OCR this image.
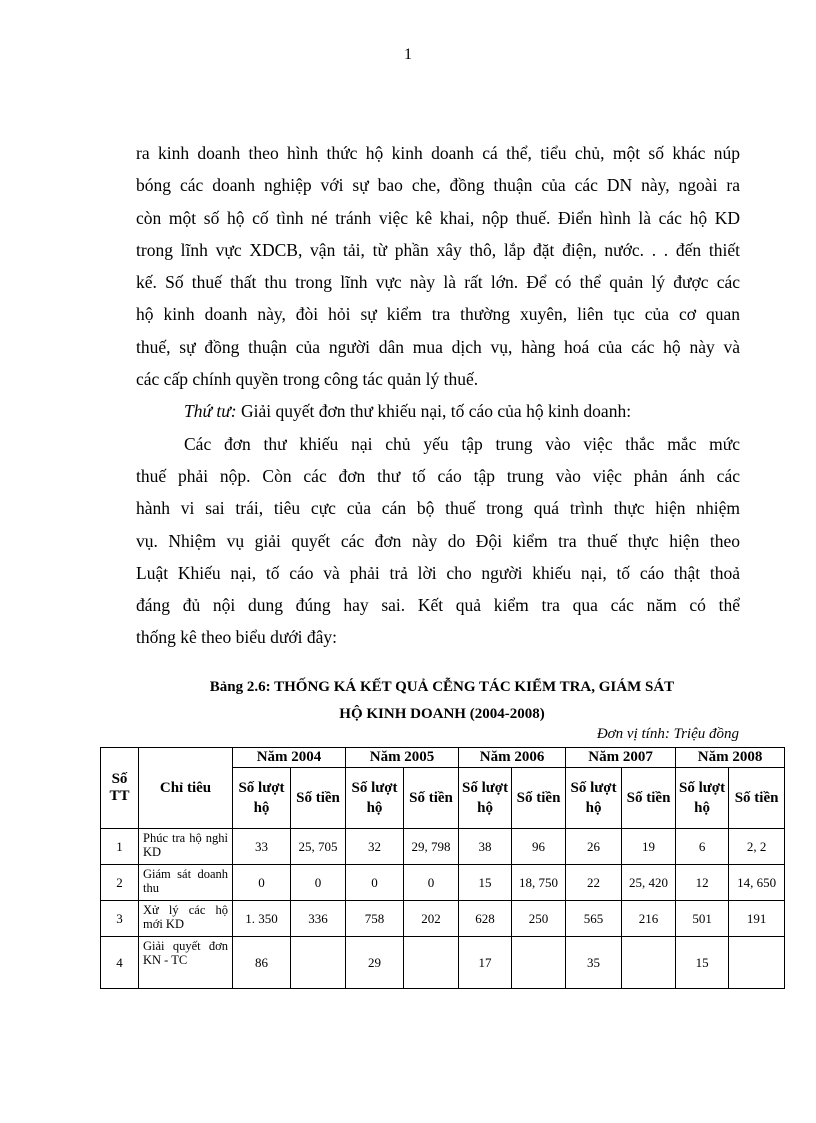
1
ra kinh doanh theo hình thức hộ kinh doanh cá thể, tiểu chủ, một số khác núp
bóng các doanh nghiệp với sự bao che, đồng thuận của các DN này, ngoài ra
còn một số hộ cố tình né tránh việc kê khai, nộp thuế. Điển hình là các hộ KD
trong lĩnh vực XDCB, vận tải, từ phần xây thô, lắp đặt điện, nước. . . đến thiết
kế. Số thuế thất thu trong lĩnh vực này là rất lớn. Để có thể quản lý được các
hộ kinh doanh này, đòi hỏi sự kiểm tra thường xuyên, liên tục của cơ quan
thuế, sự đồng thuận của người dân mua dịch vụ, hàng hoá của các hộ này và
các cấp chính quyền trong công tác quản lý thuế.
Thứ tư: Giải quyết đơn thư khiếu nại, tố cáo của hộ kinh doanh:
Các đơn thư khiếu nại chủ yếu tập trung vào việc thắc mắc mức
thuế phải nộp. Còn các đơn thư tố cáo tập trung vào việc phản ánh các
hành vi sai trái, tiêu cực của cán bộ thuế trong quá trình thực hiện nhiệm
vụ. Nhiệm vụ giải quyết các đơn này do Đội kiểm tra thuế thực hiện theo
Luật Khiếu nại, tố cáo và phải trả lời cho người khiếu nại, tố cáo thật thoả
đáng đủ nội dung đúng hay sai. Kết quả kiểm tra qua các năm có thể
thống kê theo biểu dưới đây:
Bảng 2.6: THỐNG KÁ KẾT QUẢ CỄNG TÁC KIỂM TRA, GIÁM SÁT
HỘ KINH DOANH (2004-2008)
Đơn vị tính: Triệu đồng
Số TT	Chỉ tiêu	Năm 2004		Năm 2005		Năm 2006		Năm 2007		Năm 2008	
		Số lượt hộ	Số tiền	Số lượt hộ	Số tiền	Số lượt hộ	Số tiền	Số lượt hộ	Số tiền	Số lượt hộ	Số tiền
1	Phúc tra hộ nghỉ KD	33	25, 705	32	29, 798	38	96	26	19	6	2, 2
2	Giám sát doanh thu	0	0	0	0	15	18, 750	22	25, 420	12	14, 650
3	Xử lý các hộ mới KD	1. 350	336	758	202	628	250	565	216	501	191
4	Giải quyết đơn KN - TC	86		29		17		35		15	
